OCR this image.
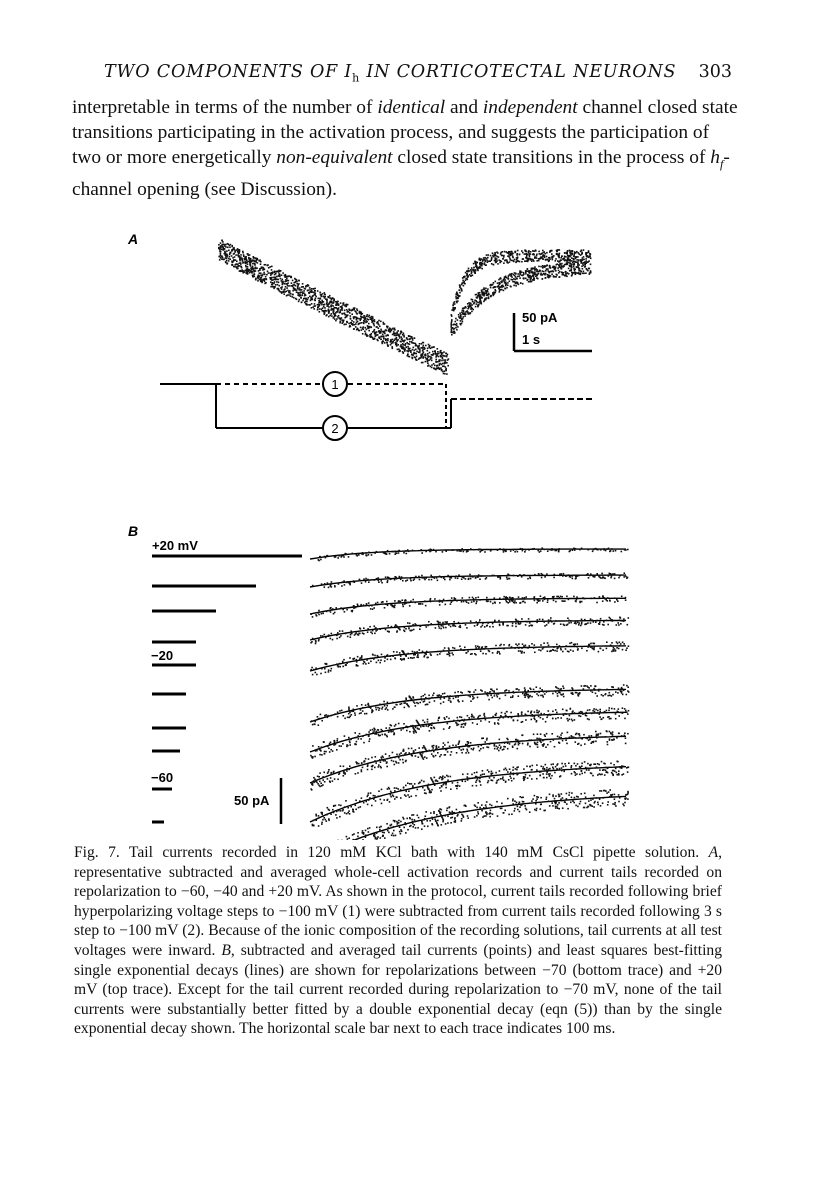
TWO COMPONENTS OF $I_h$ IN CORTICOTECTAL NEURONS 303
interpretable in terms of the number of identical and independent channel closed state
transitions participating in the activation process, and suggests the participation of
two or more energetically non-equivalent closed state transitions in the process of $h_f-$
channel opening (see Discussion).
A
50 pA
1 s
1
2
B
+20 mV
−20
−60
50 pA
Fig. 7. Tail currents recorded in 120 mM KCl bath with 140 mM CsCl pipette solution. A, representative subtracted and averaged whole-cell activation records and current tails recorded on repolarization to −60, −40 and +20 mV. As shown in the protocol, current tails recorded following brief hyperpolarizing voltage steps to −100 mV (1) were subtracted from current tails recorded following 3 s step to −100 mV (2). Because of the ionic composition of the recording solutions, tail currents at all test voltages were inward. B, subtracted and averaged tail currents (points) and least squares best-fitting single exponential decays (lines) are shown for repolarizations between −70 (bottom trace) and +20 mV (top trace). Except for the tail current recorded during repolarization to −70 mV, none of the tail currents were substantially better fitted by a double exponential decay (eqn (5)) than by the single exponential decay shown. The horizontal scale bar next to each trace indicates 100 ms.
